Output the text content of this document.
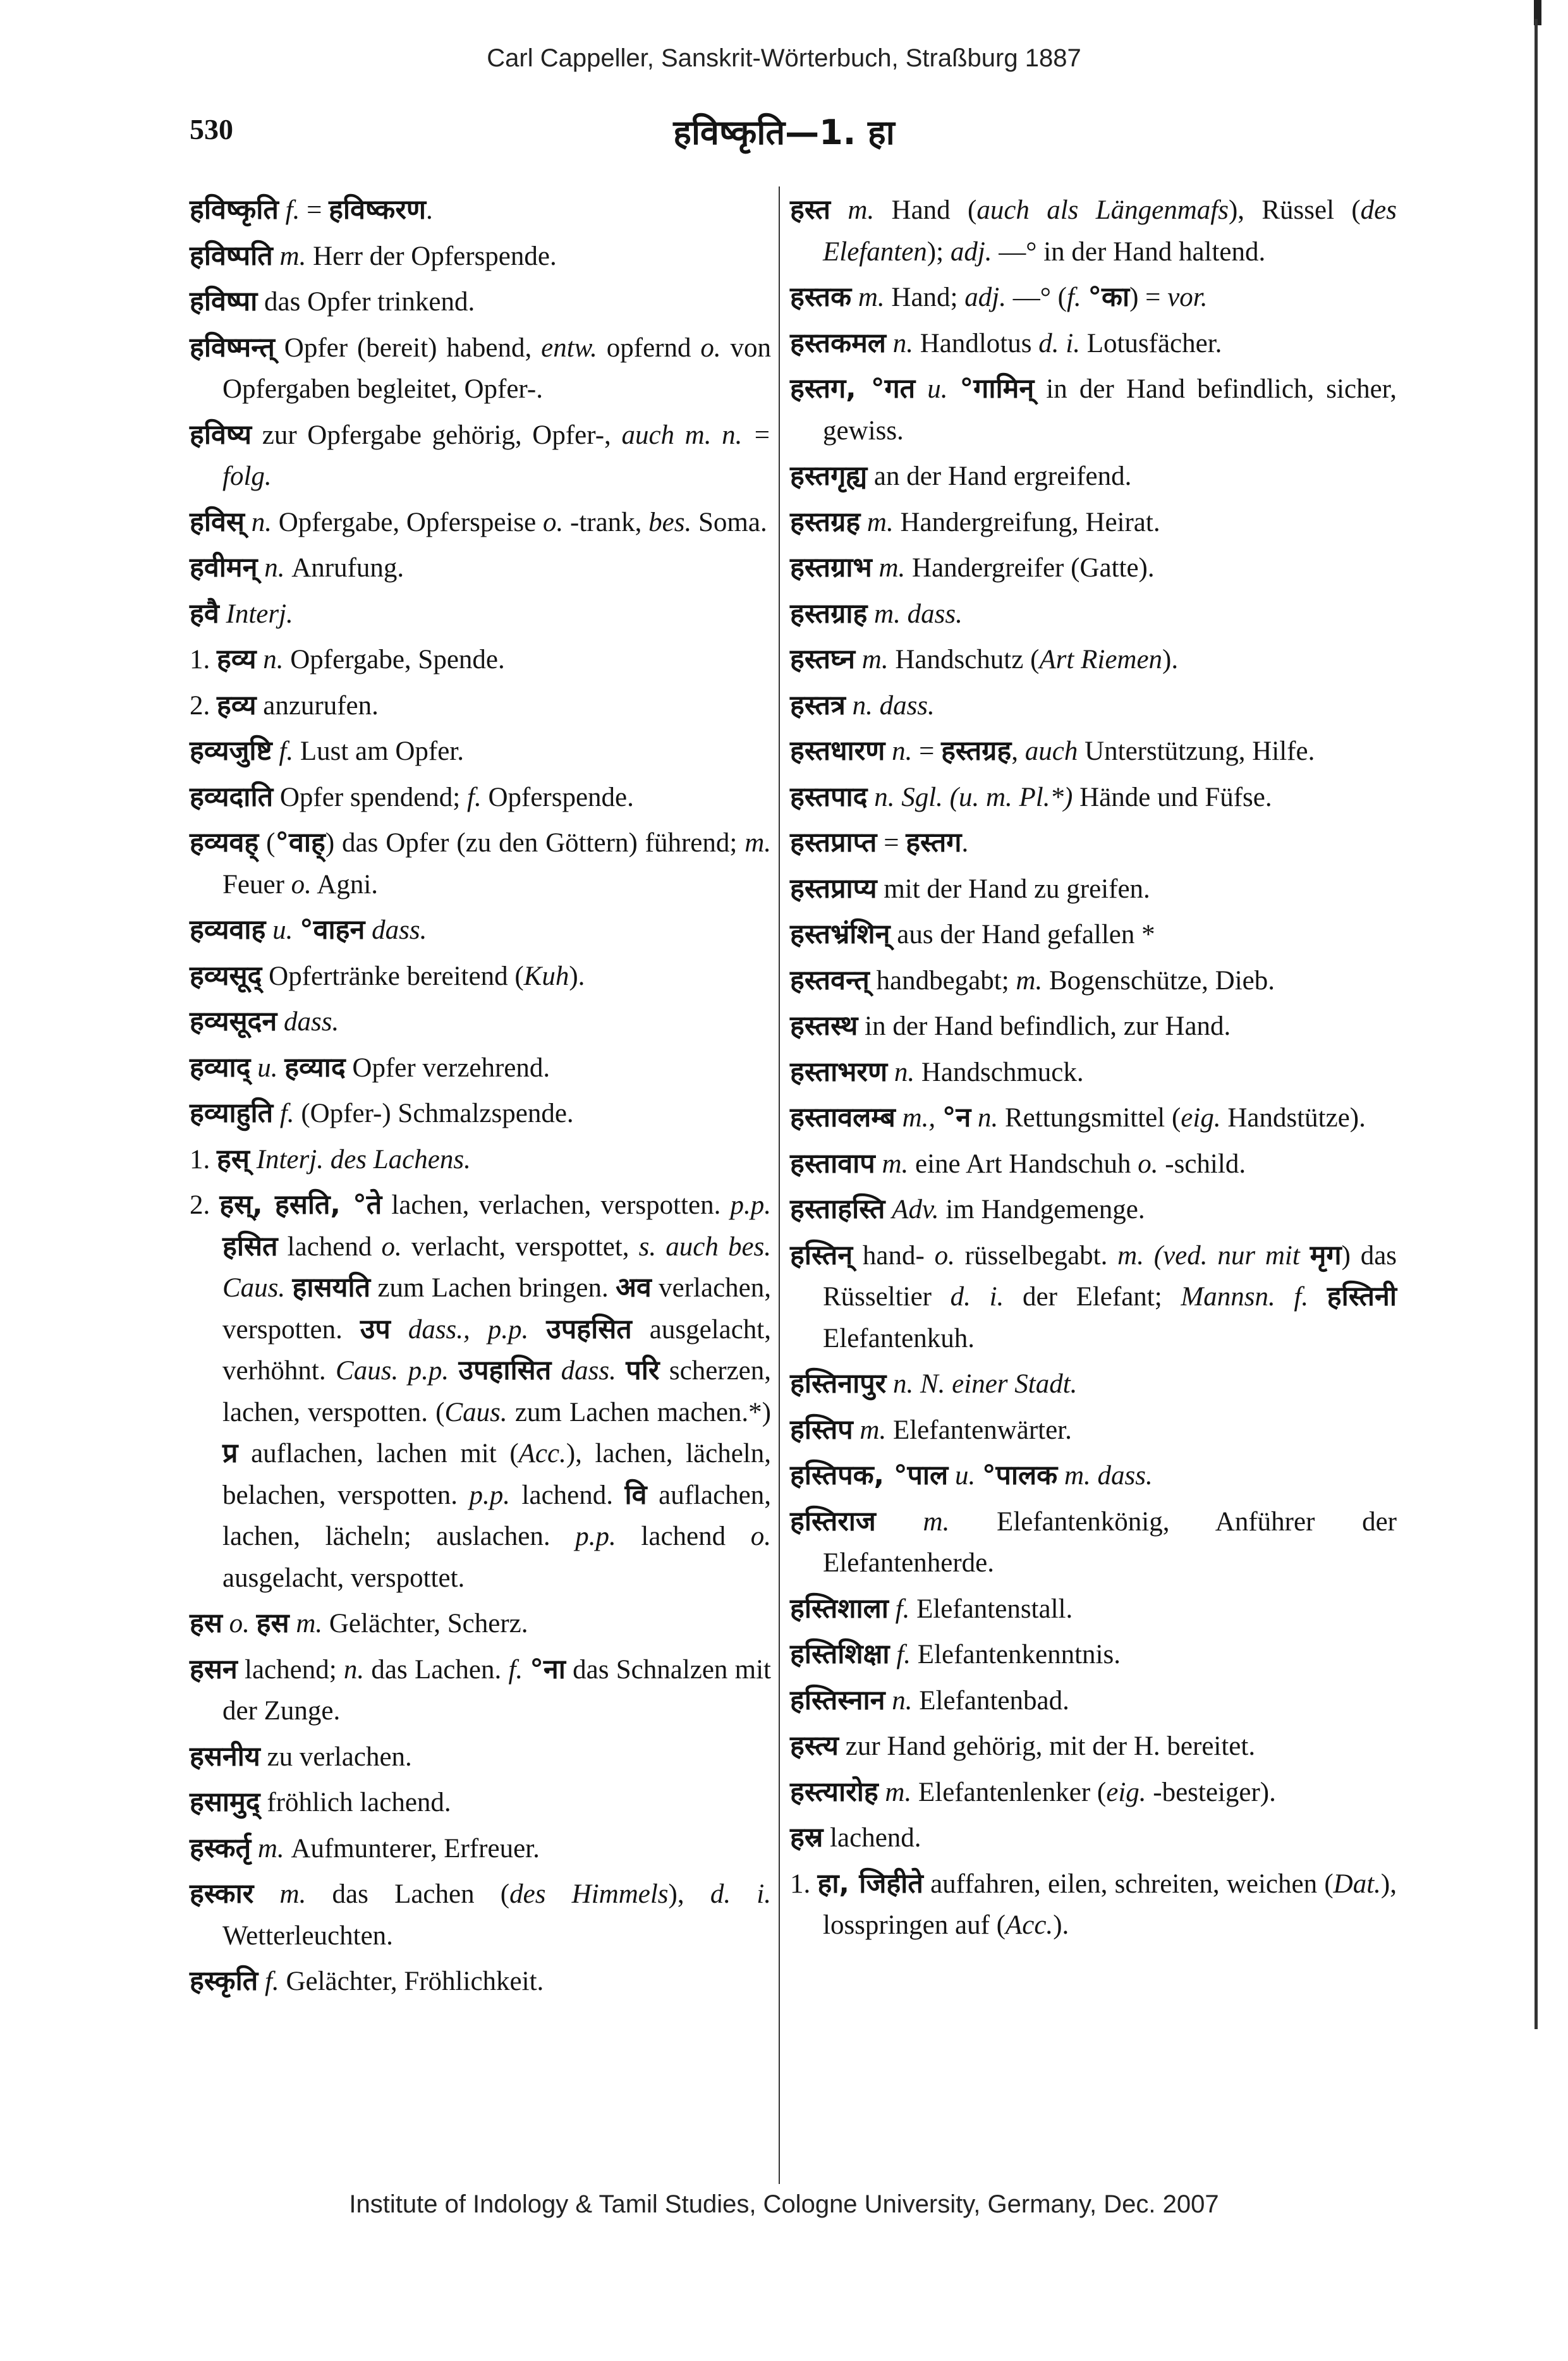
Carl Cappeller, Sanskrit-Wörterbuch, Straßburg 1887
530	हविष्कृति—1. हा
हविष्कृति f. = हविष्करण.
हविष्पति m. Herr der Opferspende.
हविष्पा das Opfer trinkend.
हविष्मन्त् Opfer (bereit) habend, entw. opfernd o. von Opfergaben begleitet, Opfer-.
हविष्य zur Opfergabe gehörig, Opfer-, auch m. n. = folg.
हविस् n. Opfergabe, Opferspeise o. -trank, bes. Soma.
हवीमन् n. Anrufung.
हवै Interj.
1. हव्य n. Opfergabe, Spende.
2. हव्य anzurufen.
हव्यजुष्टि f. Lust am Opfer.
हव्यदाति Opfer spendend; f. Opferspende.
हव्यवह् (°वाह्) das Opfer (zu den Göttern) führend; m. Feuer o. Agni.
हव्यवाह u. °वाहन dass.
हव्यसूद् Opfertränke bereitend (Kuh).
हव्यसूदन dass.
हव्याद् u. हव्याद Opfer verzehrend.
हव्याहुति f. (Opfer-) Schmalzspende.
1. हस् Interj. des Lachens.
2. हस्, हसति, °ते lachen, verlachen, verspotten. p.p. हसित lachend o. verlacht, verspottet, s. auch bes. Caus. हासयति zum Lachen bringen. अव verlachen, verspotten. उप dass., p.p. उपहसित ausgelacht, verhöhnt. Caus. p.p. उपहासित dass. परि scherzen, lachen, verspotten. (Caus. zum Lachen machen.*) प्र auflachen, lachen mit (Acc.), lachen, lächeln, belachen, verspotten. p.p. lachend. वि auflachen, lachen, lächeln; auslachen. p.p. lachend o. ausgelacht, verspottet.
हस o. हस m. Gelächter, Scherz.
हसन lachend; n. das Lachen. f. °ना das Schnalzen mit der Zunge.
हसनीय zu verlachen.
हसामुद् fröhlich lachend.
हस्कर्तृ m. Aufmunterer, Erfreuer.
हस्कार m. das Lachen (des Himmels), d. i. Wetterleuchten.
हस्कृति f. Gelächter, Fröhlichkeit.
हस्त m. Hand (auch als Längenmafs), Rüssel (des Elefanten); adj. —° in der Hand haltend.
हस्तक m. Hand; adj. —° (f. °का) = vor.
हस्तकमल n. Handlotus d. i. Lotusfächer.
हस्तग, °गत u. °गामिन् in der Hand befindlich, sicher, gewiss.
हस्तगृह्य an der Hand ergreifend.
हस्तग्रह m. Handergreifung, Heirat.
हस्तग्राभ m. Handergreifer (Gatte).
हस्तग्राह m. dass.
हस्तघ्न m. Handschutz (Art Riemen).
हस्तत्र n. dass.
हस्तधारण n. = हस्तग्रह, auch Unterstützung, Hilfe.
हस्तपाद n. Sgl. (u. m. Pl.*) Hände und Füfse.
हस्तप्राप्त = हस्तग.
हस्तप्राप्य mit der Hand zu greifen.
हस्तभ्रंशिन् aus der Hand gefallen *
हस्तवन्त् handbegabt; m. Bogenschütze, Dieb.
हस्तस्थ in der Hand befindlich, zur Hand.
हस्ताभरण n. Handschmuck.
हस्तावलम्ब m., °न n. Rettungsmittel (eig. Handstütze).
हस्तावाप m. eine Art Handschuh o. -schild.
हस्ताहस्ति Adv. im Handgemenge.
हस्तिन् hand- o. rüsselbegabt. m. (ved. nur mit मृग) das Rüsseltier d. i. der Elefant; Mannsn. f. हस्तिनी Elefantenkuh.
हस्तिनापुर n. N. einer Stadt.
हस्तिप m. Elefantenwärter.
हस्तिपक, °पाल u. °पालक m. dass.
हस्तिराज m. Elefantenkönig, Anführer der Elefantenherde.
हस्तिशाला f. Elefantenstall.
हस्तिशिक्षा f. Elefantenkenntnis.
हस्तिस्नान n. Elefantenbad.
हस्त्य zur Hand gehörig, mit der H. bereitet.
हस्त्यारोह m. Elefantenlenker (eig. -besteiger).
हस्र lachend.
1. हा, जिहीते auffahren, eilen, schreiten, weichen (Dat.), losspringen auf (Acc.).
Institute of Indology & Tamil Studies, Cologne University, Germany, Dec. 2007
